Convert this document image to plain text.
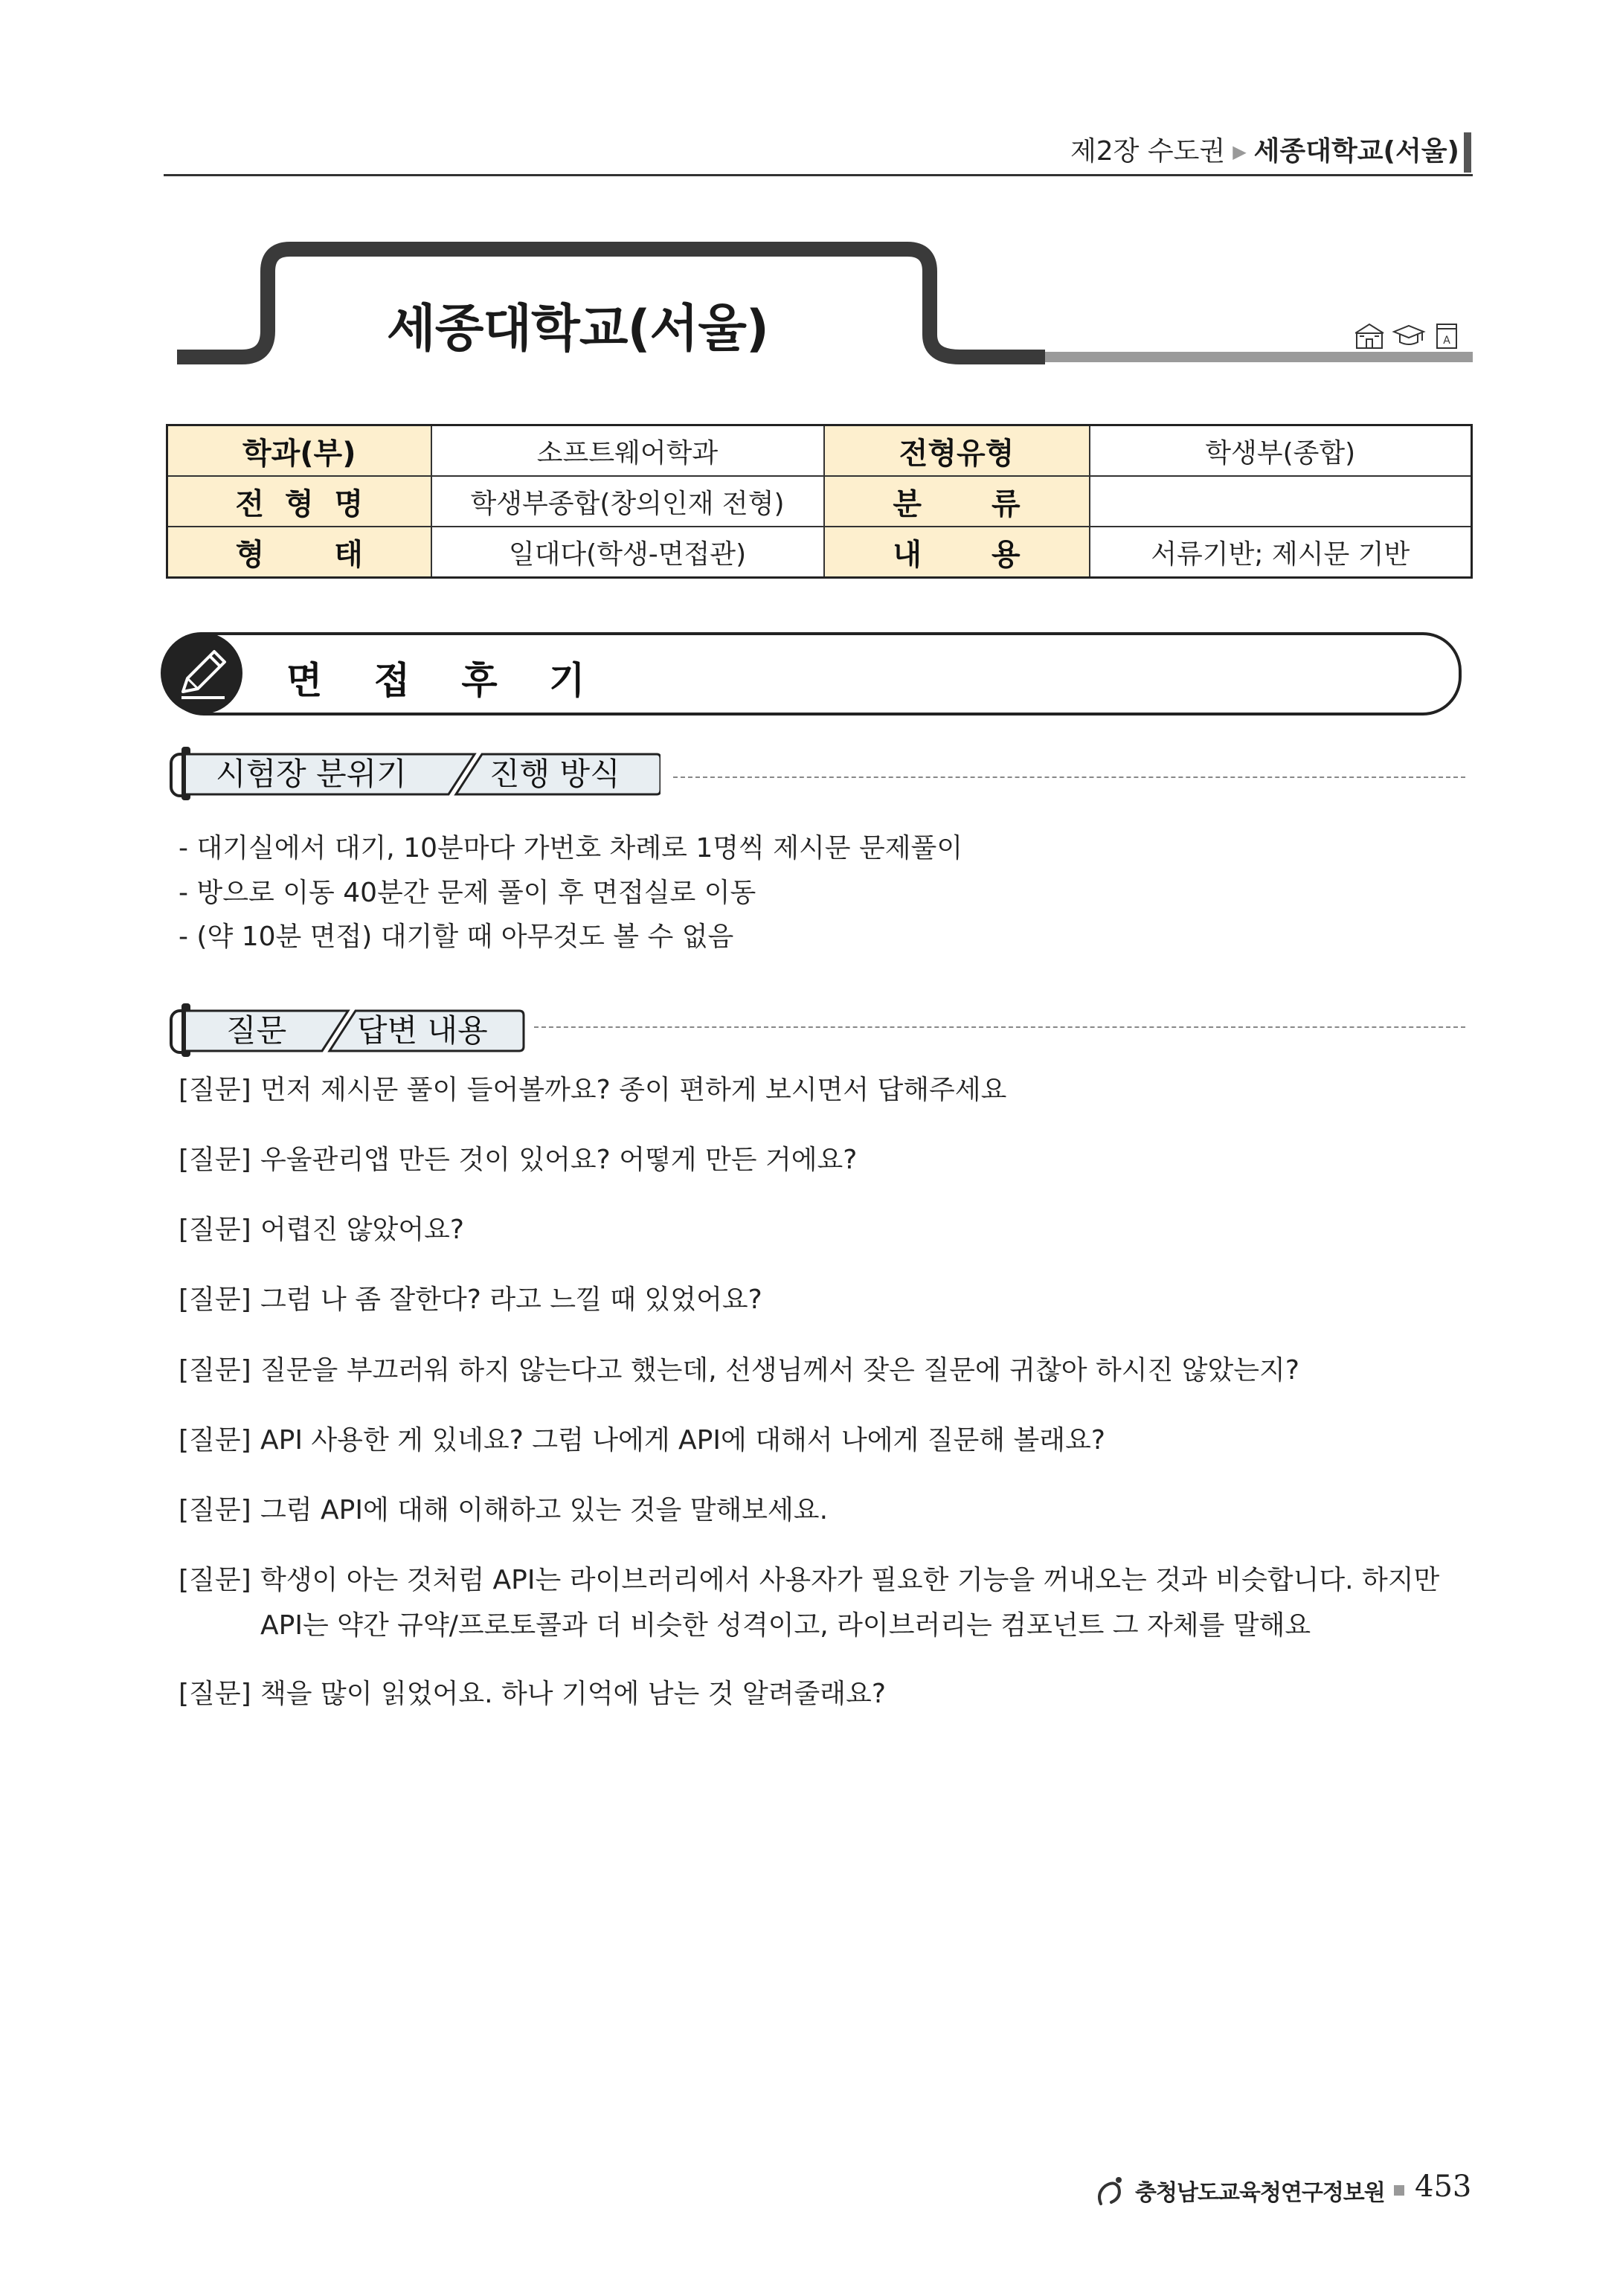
제2장 수도권 ▶ 세종대학교(서울)
세종대학교(서울)	A
학과(부)	소프트웨어학과	전형유형	학생부(종합)
전 형 명	학생부종합(창의인재 전형)	분 류	
형 태	일대다(학생-면접관)	내 용	서류기반; 제시문 기반
면 접 후 기
시험장 분위기	진행 방식
- 대기실에서 대기, 10분마다 가번호 차례로 1명씩 제시문 문제풀이
- 방으로 이동 40분간 문제 풀이 후 면접실로 이동
- (약 10분 면접) 대기할 때 아무것도 볼 수 없음
질문 답변 내용
[질문] 먼저 제시문 풀이 들어볼까요? 종이 편하게 보시면서 답해주세요
[질문] 우울관리앱 만든 것이 있어요? 어떻게 만든 거에요?
[질문] 어렵진 않았어요?
[질문] 그럼 나 좀 잘한다? 라고 느낄 때 있었어요?
[질문] 질문을 부끄러워 하지 않는다고 했는데, 선생님께서 잦은 질문에 귀찮아 하시진 않았는지?
[질문] API 사용한 게 있네요? 그럼 나에게 API에 대해서 나에게 질문해 볼래요?
[질문] 그럼 API에 대해 이해하고 있는 것을 말해보세요.
[질문] 학생이 아는 것처럼 API는 라이브러리에서 사용자가 필요한 기능을 꺼내오는 것과 비슷합니다. 하지만
API는 약간 규약/프로토콜과 더 비슷한 성격이고, 라이브러리는 컴포넌트 그 자체를 말해요
[질문] 책을 많이 읽었어요. 하나 기억에 남는 것 알려줄래요?
충청남도교육청연구정보원 453
